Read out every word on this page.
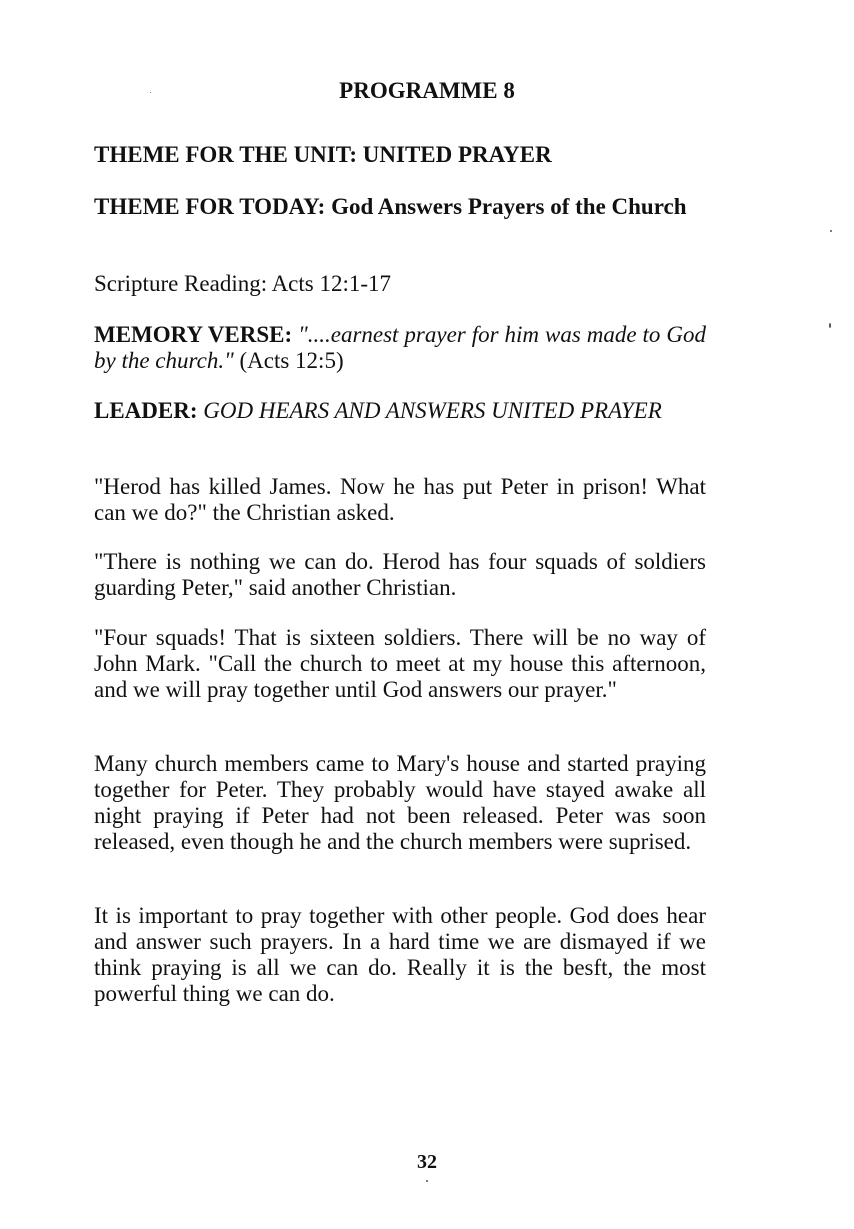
PROGRAMME 8

THEME FOR THE UNIT: UNITED PRAYER

THEME FOR TODAY: God Answers Prayers of the Church

Scripture Reading: Acts 12:1-17

MEMORY VERSE: "....earnest prayer for him was made to God by the church." (Acts 12:5)

LEADER: GOD HEARS AND ANSWERS UNITED PRAYER

"Herod has killed James. Now he has put Peter in prison! What can we do?" the Christian asked.

"There is nothing we can do. Herod has four squads of soldiers guarding Peter," said another Christian.

"Four squads! That is sixteen soldiers. There will be no way of John Mark. "Call the church to meet at my house this afternoon, and we will pray together until God answers our prayer."

Many church members came to Mary's house and started praying together for Peter. They probably would have stayed awake all night praying if Peter had not been released. Peter was soon released, even though he and the church members were suprised.

It is important to pray together with other people. God does hear and answer such prayers. In a hard time we are dismayed if we think praying is all we can do. Really it is the besft, the most powerful thing we can do.

32
